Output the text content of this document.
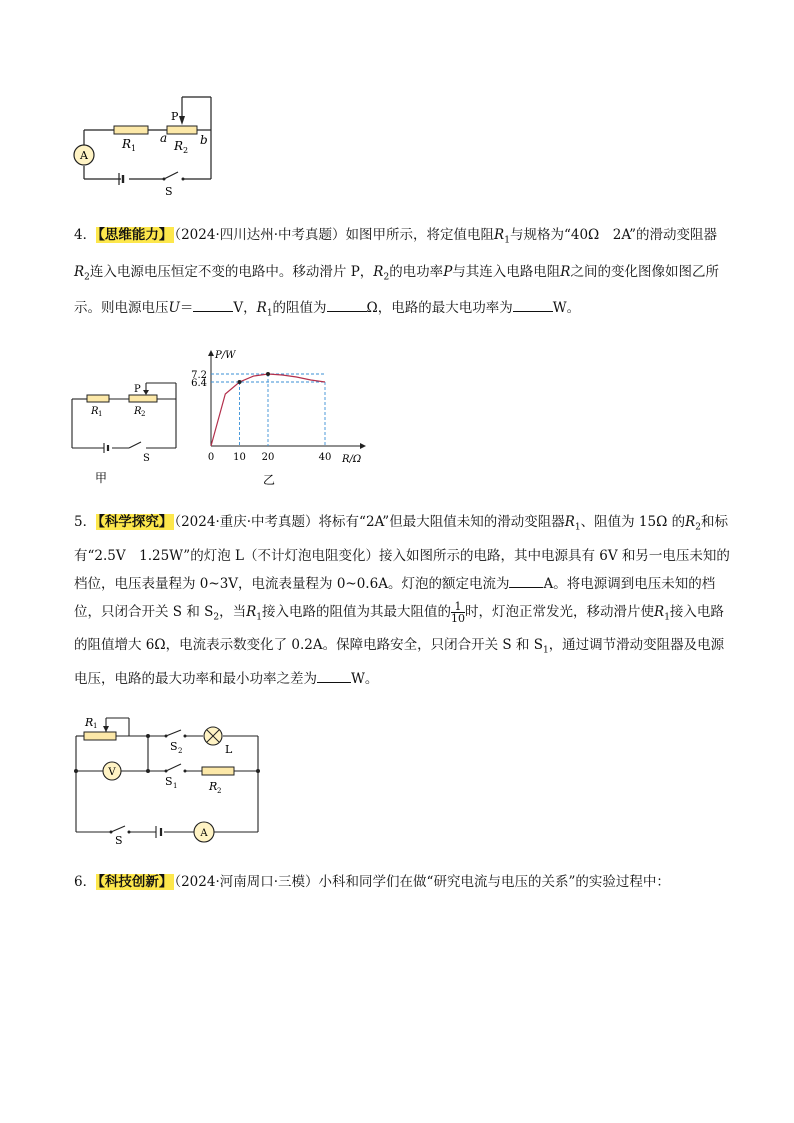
A
P
R 1
a
R 2
b
S
4． 【思维能力】 （2024·四川达州·中考真题）如图甲所示，将定值电阻$R_1$与规格为“40Ω　2A”的滑动变阻器 $R_2$连入电源电压恒定不变的电路中。移动滑片 P，$R_2$的电功率P与其连入电路电阻R之间的变化图像如图乙所示。则电源电压U＝	V，$R_1$的阻值为	Ω，电路的最大电功率为	W。
P
R 1	R 2
S
甲
P/W
R/Ω
0 10 20	40
6.4
7.2
乙
5． 【科学探究】 （2024·重庆·中考真题）将标有“2A”但最大阻值未知的滑动变阻器$R_1$、阻值为 15Ω 的$R_2$和标有“2.5V　1.25W”的灯泡 L（不计灯泡电阻变化）接入如图所示的电路，其中电源具有 6V 和另一电压未知的档位，电压表量程为 0~3V，电流表量程为 0~0.6A。灯泡的额定电流为	A。将电源调到电压未知的档位，只闭合开关 S 和 $S_2$，当$R_1$接入电路的阻值为其最大阻值的 $\frac{1}{10}$ 时，灯泡正常发光，移动滑片使$R_1$接入电路的阻值增大 6Ω，电流表示数变化了 0.2A。保障电路安全，只闭合开关 S 和 $S_1$，通过调节滑动变阻器及电源电压，电路的最大功率和最小功率之差为	W。
V
A
R 1
S 2	L
S 1	R 2
S
6． 【科技创新】 （2024·河南周口·三模）小科和同学们在做“研究电流与电压的关系”的实验过程中：
